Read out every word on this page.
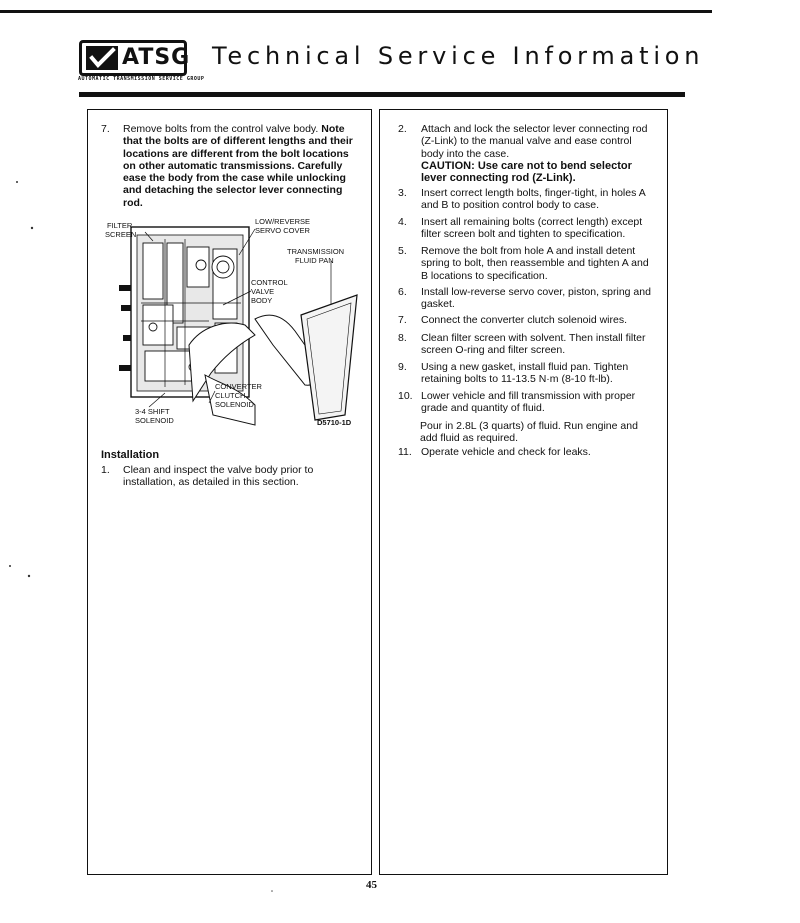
ATSG
AUTOMATIC TRANSMISSION SERVICE GROUP
Technical Service Information
7. Remove bolts from the control valve body. Note that the bolts are of different lengths and their locations are different from the bolt locations on other automatic transmissions. Carefully ease the body from the case while unlocking and detaching the selector lever connecting rod.
FILTER
SCREEN
LOW/REVERSE
SERVO COVER
TRANSMISSION
FLUID PAN
CONTROL
VALVE
BODY
CONVERTER
CLUTCH
SOLENOID
3-4 SHIFT
SOLENOID	D5710-1D
Installation
1. Clean and inspect the valve body prior to installation, as detailed in this section.
2. Attach and lock the selector lever connecting rod (Z-Link) to the manual valve and ease control body into the case.
CAUTION: Use care not to bend selector lever connecting rod (Z-Link).
3. Insert correct length bolts, finger-tight, in holes A and B to position control body to case.
4. Insert all remaining bolts (correct length) except filter screen bolt and tighten to specification.
5. Remove the bolt from hole A and install detent spring to bolt, then reassemble and tighten A and B locations to specification.
6. Install low-reverse servo cover, piston, spring and gasket.
7. Connect the converter clutch solenoid wires.
8. Clean filter screen with solvent. Then install filter screen O-ring and filter screen.
9. Using a new gasket, install fluid pan. Tighten retaining bolts to 11-13.5 N·m (8-10 ft-lb).
10. Lower vehicle and fill transmission with proper grade and quantity of fluid.
Pour in 2.8L (3 quarts) of fluid. Run engine and add fluid as required.
11. Operate vehicle and check for leaks.
45
